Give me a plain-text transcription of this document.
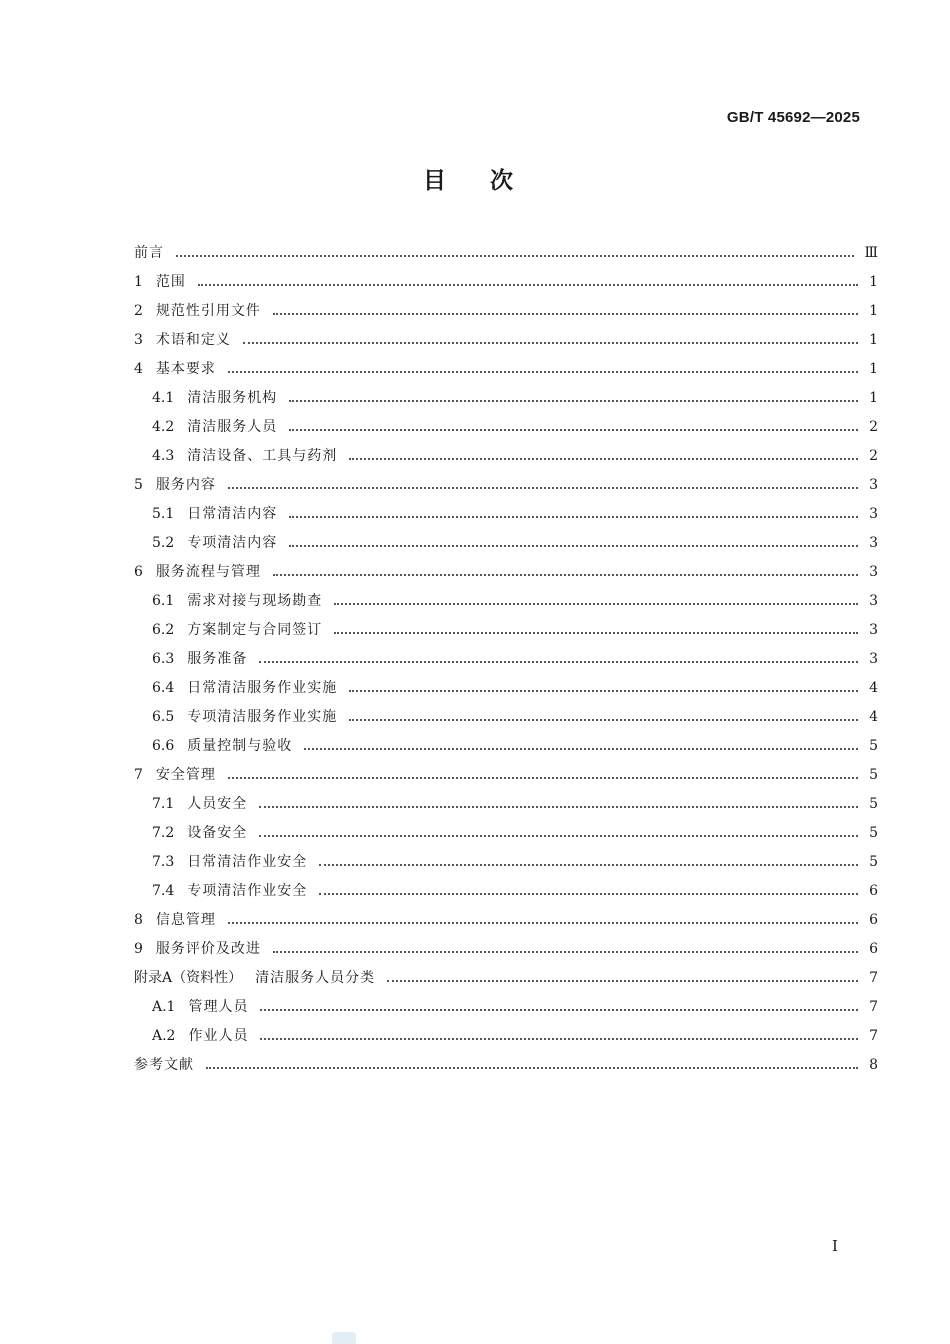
GB/T 45692—2025
目次
前言	Ⅲ
1 范围	1
2 规范性引用文件	1
3 术语和定义	1
4 基本要求	1
4.1 清洁服务机构	1
4.2 清洁服务人员	2
4.3 清洁设备、工具与药剂	2
5 服务内容	3
5.1 日常清洁内容	3
5.2 专项清洁内容	3
6 服务流程与管理	3
6.1 需求对接与现场勘查	3
6.2 方案制定与合同签订	3
6.3 服务准备	3
6.4 日常清洁服务作业实施	4
6.5 专项清洁服务作业实施	4
6.6 质量控制与验收	5
7 安全管理	5
7.1 人员安全	5
7.2 设备安全	5
7.3 日常清洁作业安全	5
7.4 专项清洁作业安全	6
8 信息管理	6
9 服务评价及改进	6
附录A（资料性） 清洁服务人员分类	7
A.1 管理人员	7
A.2 作业人员	7
参考文献	8
I
